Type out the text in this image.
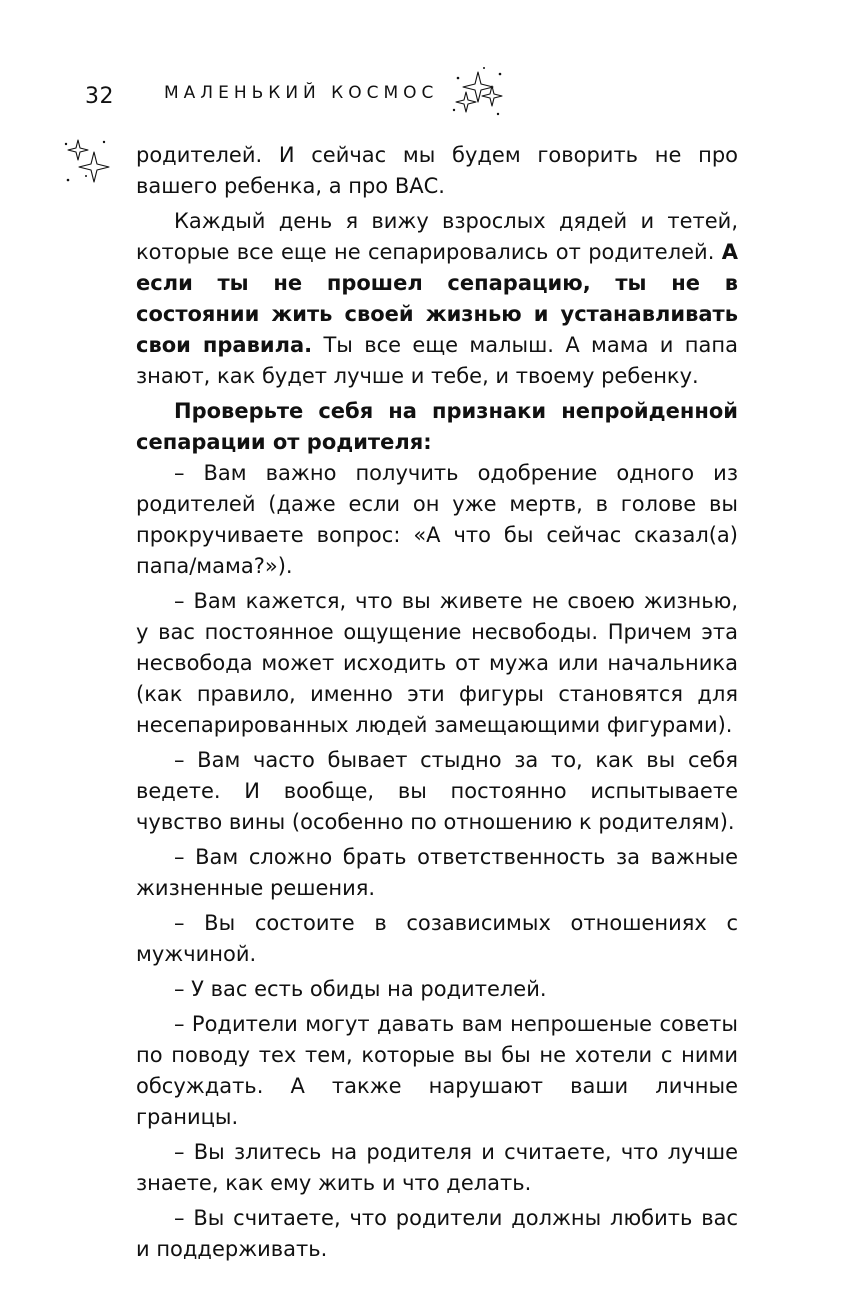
32	МАЛЕНЬКИЙ КОСМОС

родителей. И сейчас мы будем говорить не про вашего ребенка, а про ВАС.

Каждый день я вижу взрослых дядей и тетей, которые все еще не сепарировались от родителей. А если ты не прошел сепарацию, ты не в состоянии жить своей жизнью и устанавливать свои правила. Ты все еще малыш. А мама и папа знают, как будет лучше и тебе, и твоему ребенку.

Проверьте себя на признаки непройденной сепарации от родителя:

– Вам важно получить одобрение одного из родителей (даже если он уже мертв, в голове вы прокручиваете вопрос: «А что бы сейчас сказал(а) папа/мама?»).

– Вам кажется, что вы живете не своею жизнью, у вас постоянное ощущение несвободы. Причем эта несвобода может исходить от мужа или начальника (как правило, именно эти фигуры становятся для несепарированных людей замещающими фигурами).

– Вам часто бывает стыдно за то, как вы себя ведете. И вообще, вы постоянно испытываете чувство вины (особенно по отношению к родителям).

– Вам сложно брать ответственность за важные жизненные решения.

– Вы состоите в созависимых отношениях с мужчиной.

– У вас есть обиды на родителей.

– Родители могут давать вам непрошеные советы по поводу тех тем, которые вы бы не хотели с ними обсуждать. А также нарушают ваши личные границы.

– Вы злитесь на родителя и считаете, что лучше знаете, как ему жить и что делать.

– Вы считаете, что родители должны любить вас и поддерживать.
